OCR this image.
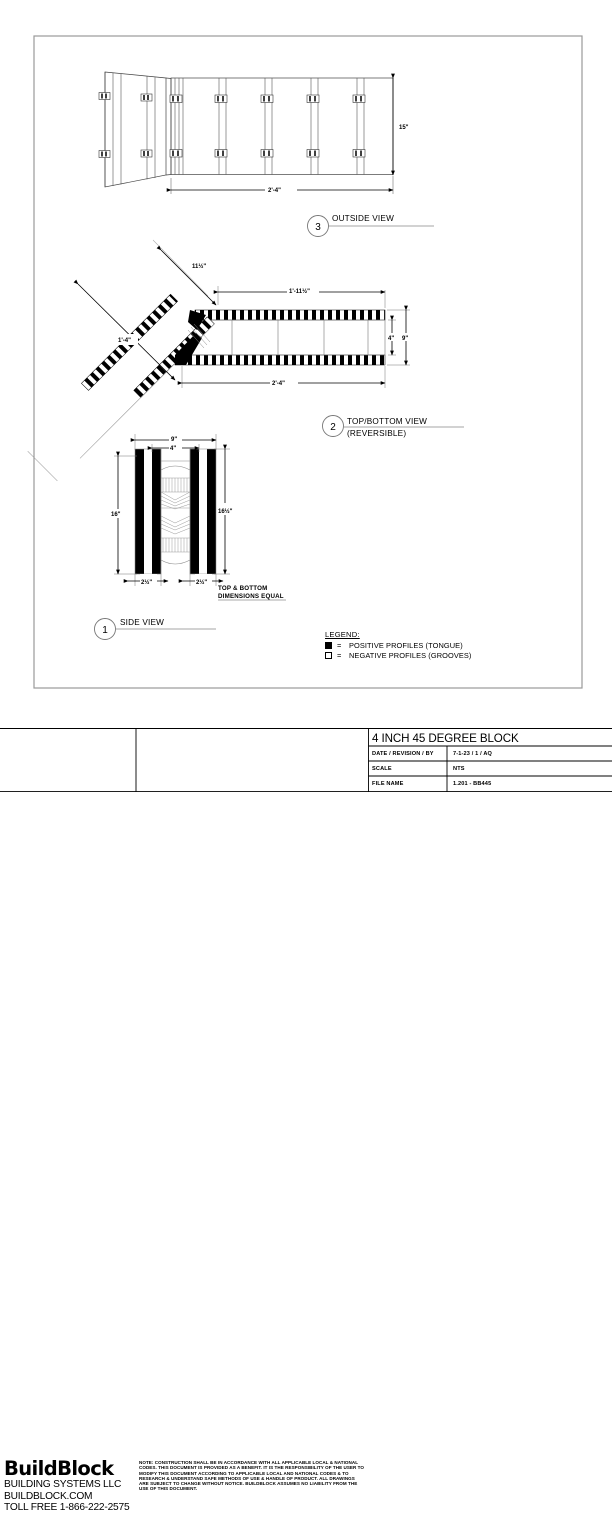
15"
2'-4"
3
OUTSIDE VIEW
11½"
1'-4"
1'-11½"
2'-4"
4" 9"
2
TOP/BOTTOM VIEW
(REVERSIBLE)
9"
4"
16"	16½"
2½"	2½"
TOP & BOTTOM
DIMENSIONS EQUAL
1
SIDE VIEW
LEGEND:
=	POSITIVE PROFILES (TONGUE)
=	NEGATIVE PROFILES (GROOVES)
BuildBlock
BUILDING SYSTEMS LLC
BUILDBLOCK.COM
TOLL FREE 1-866-222-2575
NOTE: CONSTRUCTION SHALL BE IN ACCORDANCE WITH ALL APPLICABLE LOCAL & NATIONAL CODES. THIS DOCUMENT IS PROVIDED AS A BENEFIT. IT IS THE RESPONSIBILITY OF THE USER TO MODIFY THIS DOCUMENT ACCORDING TO APPLICABLE LOCAL AND NATIONAL CODES & TO RESEARCH & UNDERSTAND SAFE METHODS OF USE & HANDLE OF PRODUCT. ALL DRAWINGS ARE SUBJECT TO CHANGE WITHOUT NOTICE. BUILDBLOCK ASSUMES NO LIABILITY FROM THE USE OF THIS DOCUMENT.
4 INCH 45 DEGREE BLOCK
DATE / REVISION / BY	7-1-23 / 1 / AQ
SCALE	NTS
FILE NAME	1.201 - BB445
